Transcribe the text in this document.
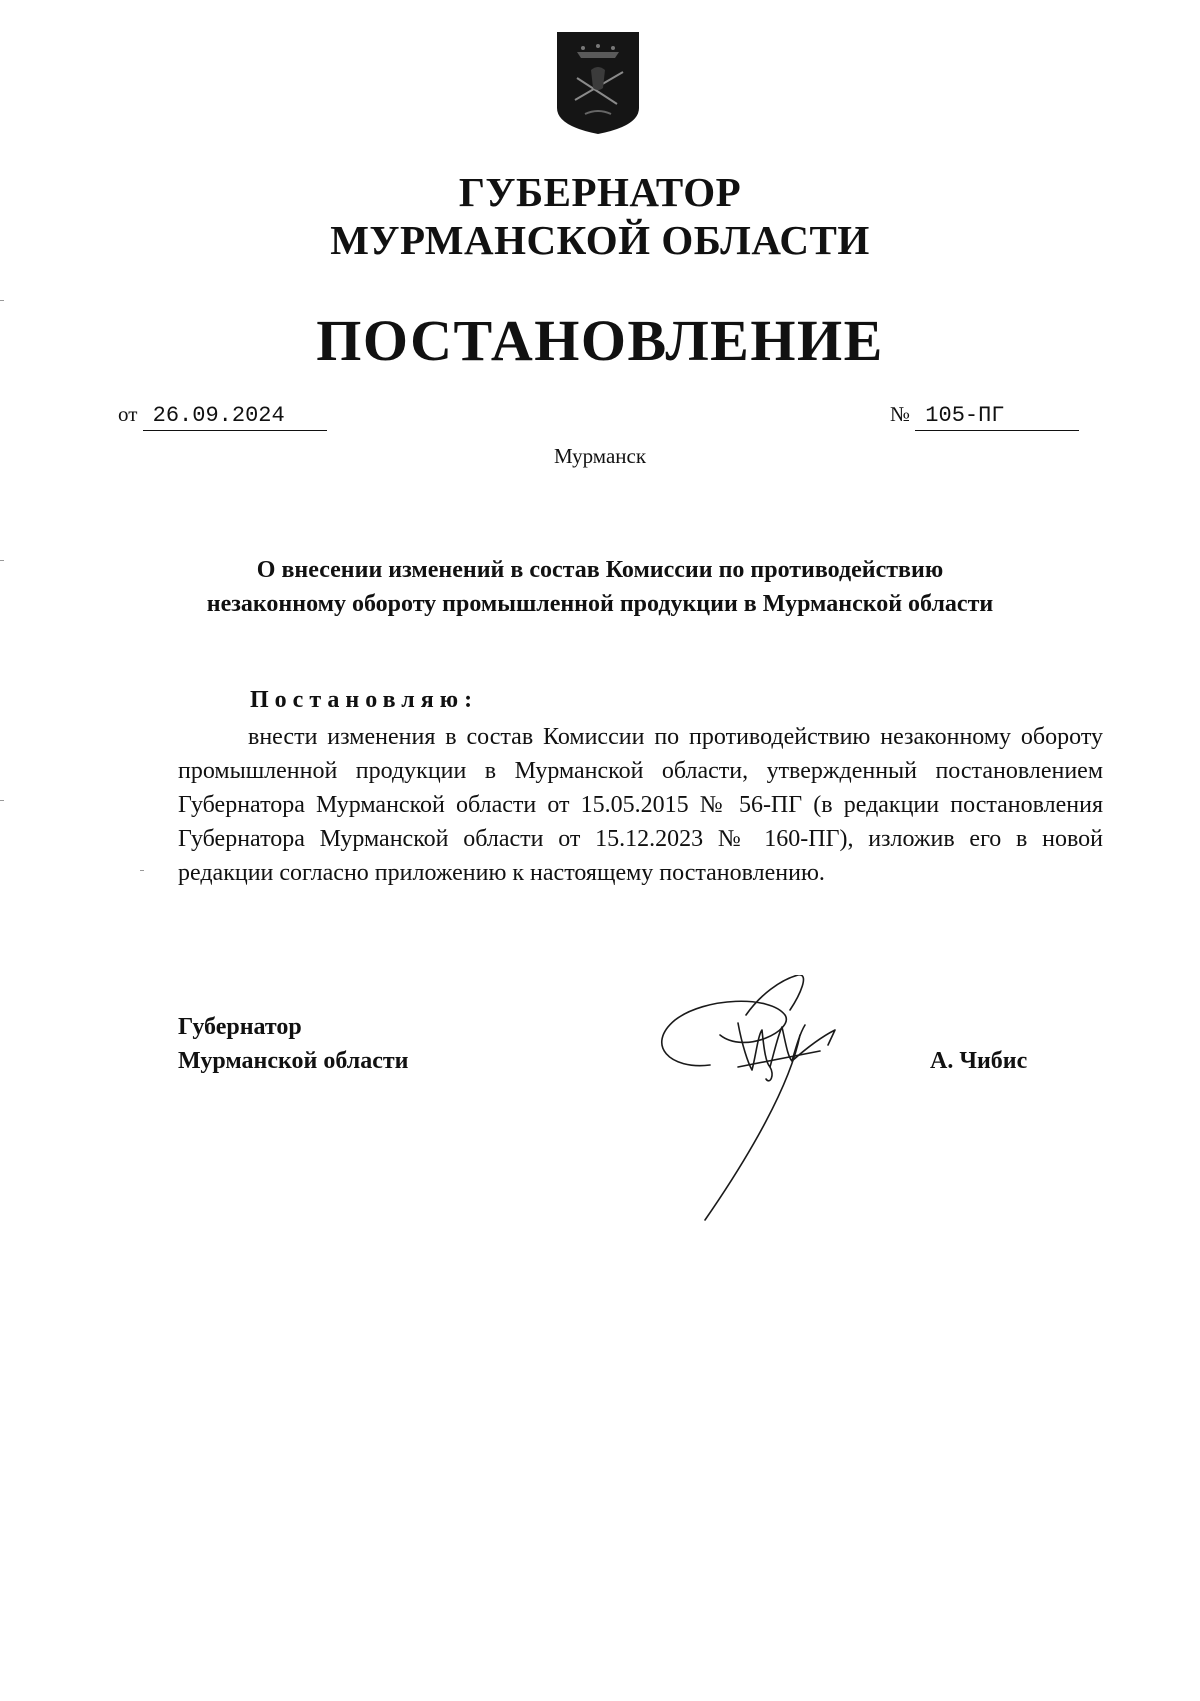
ГУБЕРНАТОР
МУРМАНСКОЙ ОБЛАСТИ
ПОСТАНОВЛЕНИЕ
от 26.09.2024	№ 105-ПГ
Мурманск
О внесении изменений в состав Комиссии по противодействию
незаконному обороту промышленной продукции в Мурманской области
Постановляю:

внести изменения в состав Комиссии по противодействию незаконному обороту промышленной продукции в Мурманской области, утвержденный постановлением Губернатора Мурманской области от 15.05.2015 № 56-ПГ (в редакции постановления Губернатора Мурманской области от 15.12.2023 № 160-ПГ), изложив его в новой редакции согласно приложению к настоящему постановлению.

Губернатор
Мурманской области	А. Чибис
